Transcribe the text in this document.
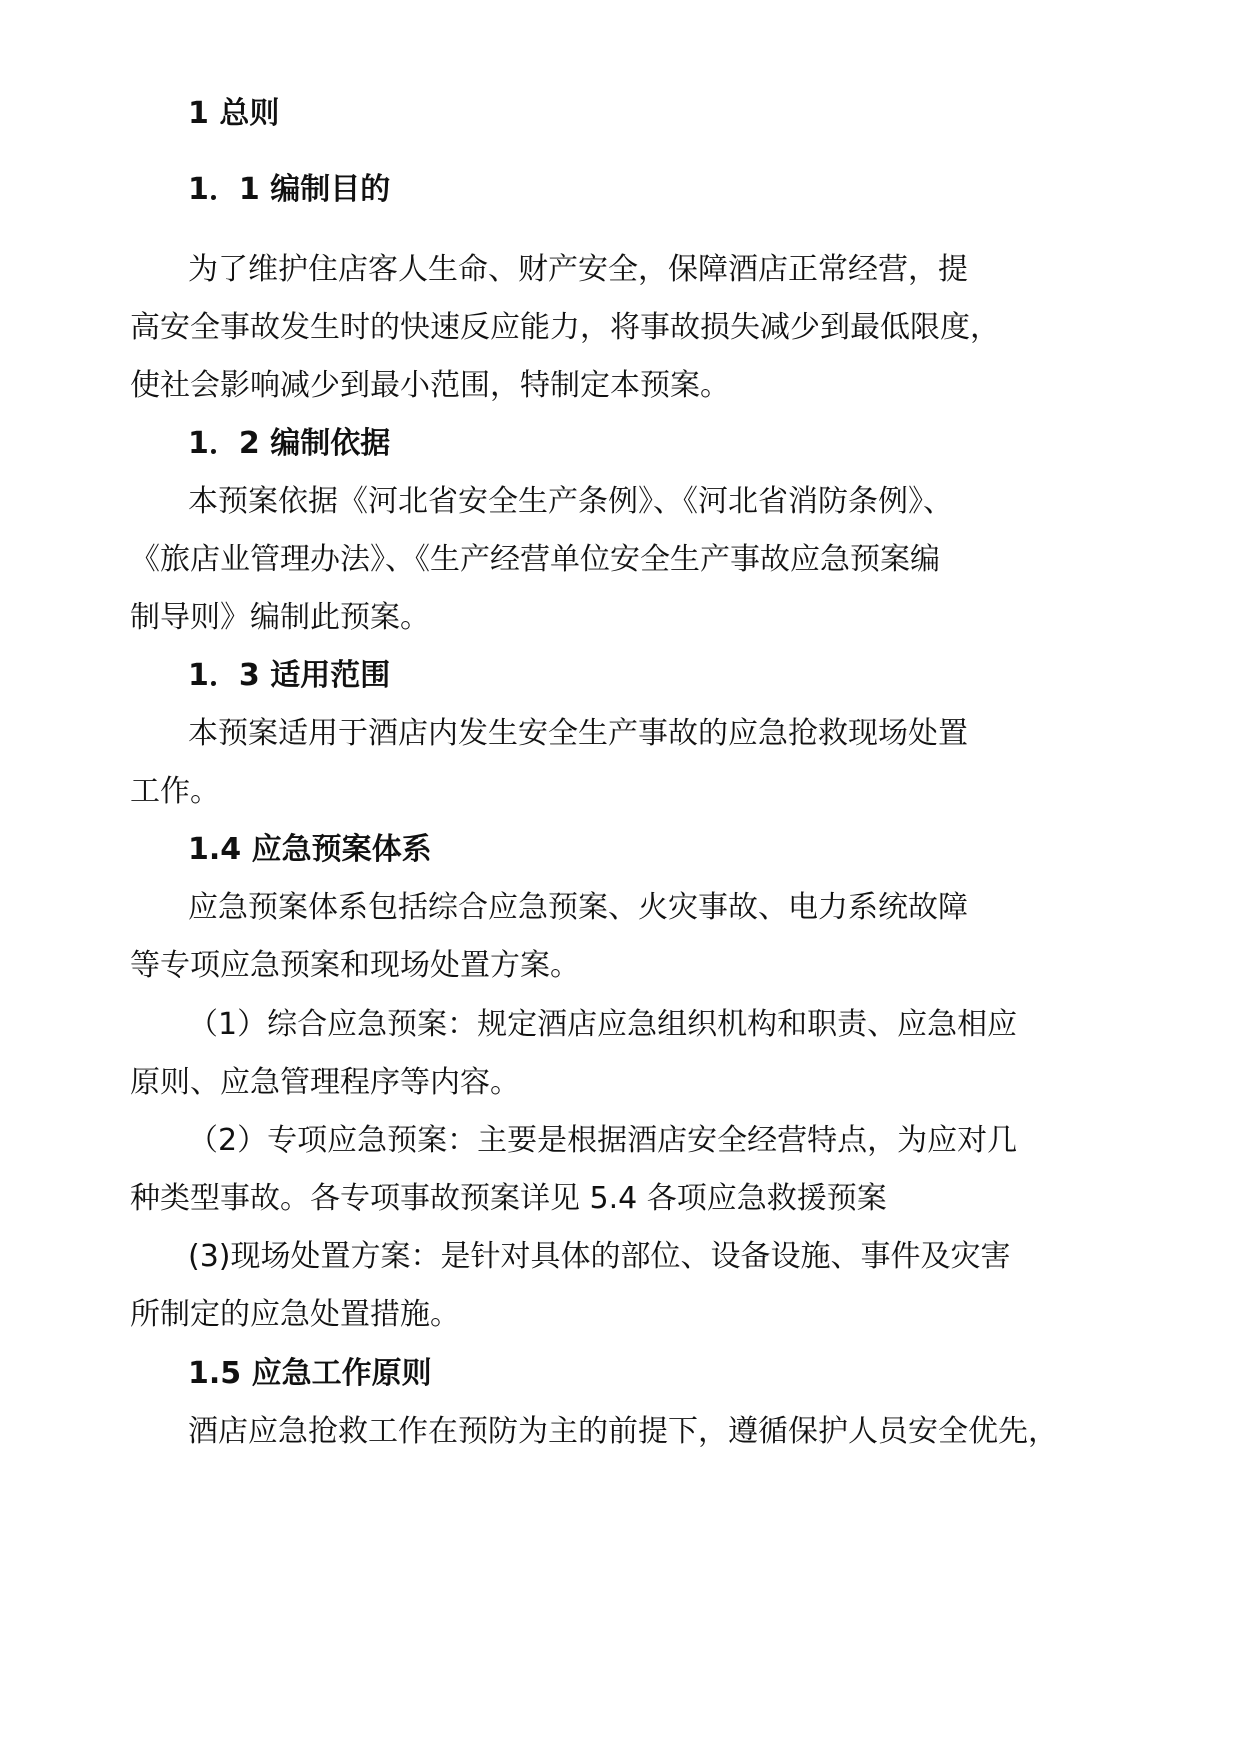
1 总则

1．1 编制目的

为了维护住店客人生命、财产安全，保障酒店正常经营，提

高安全事故发生时的快速反应能力，将事故损失减少到最低限度，

使社会影响减少到最小范围，特制定本预案。

1．2 编制依据

本预案依据《河北省安全生产条例》、《河北省消防条例》、

《旅店业管理办法》、《生产经营单位安全生产事故应急预案编

制导则》编制此预案。

1．3 适用范围

本预案适用于酒店内发生安全生产事故的应急抢救现场处置

工作。

1.4 应急预案体系

应急预案体系包括综合应急预案、火灾事故、电力系统故障

等专项应急预案和现场处置方案。

（1）综合应急预案：规定酒店应急组织机构和职责、应急相应

原则、应急管理程序等内容。

（2）专项应急预案：主要是根据酒店安全经营特点，为应对几

种类型事故。各专项事故预案详见 5.4 各项应急救援预案

(3)现场处置方案：是针对具体的部位、设备设施、事件及灾害

所制定的应急处置措施。

1.5 应急工作原则

酒店应急抢救工作在预防为主的前提下，遵循保护人员安全优先，
